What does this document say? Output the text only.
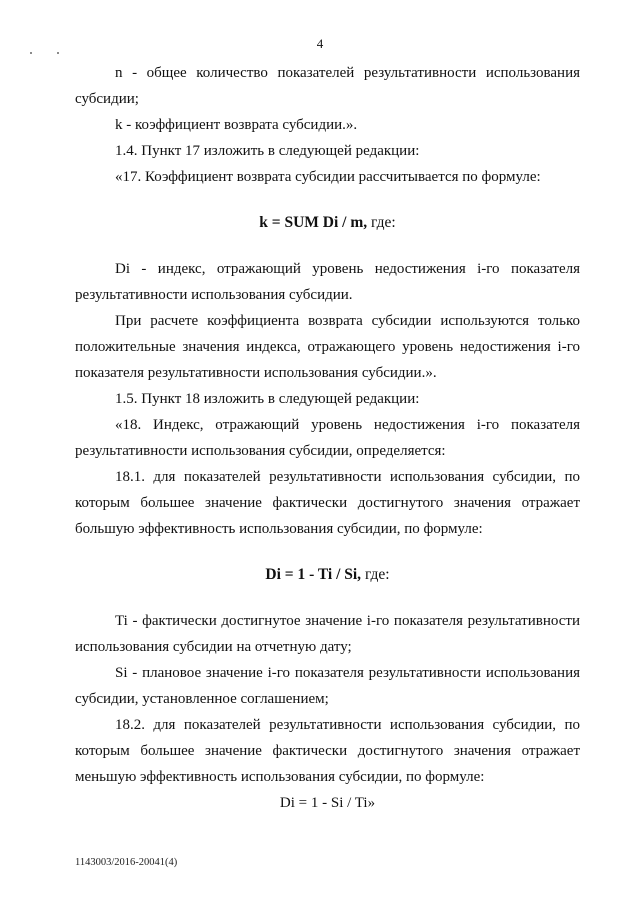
4

n - общее количество показателей результативности использования субсидии;

k - коэффициент возврата субсидии.».

1.4. Пункт 17 изложить в следующей редакции:

«17. Коэффициент возврата субсидии рассчитывается по формуле:

k = SUM Di / m, где:

Di - индекс, отражающий уровень недостижения i-го показателя результативности использования субсидии.

При расчете коэффициента возврата субсидии используются только положительные значения индекса, отражающего уровень недостижения i-го показателя результативности использования субсидии.».

1.5. Пункт 18 изложить в следующей редакции:

«18. Индекс, отражающий уровень недостижения i-го показателя результативности использования субсидии, определяется:

18.1. для показателей результативности использования субсидии, по которым большее значение фактически достигнутого значения отражает большую эффективность использования субсидии, по формуле:

Di = 1 - Ti / Si, где:

Ti - фактически достигнутое значение i-го показателя результативности использования субсидии на отчетную дату;

Si - плановое значение i-го показателя результативности использования субсидии, установленное соглашением;

18.2. для показателей результативности использования субсидии, по которым большее значение фактически достигнутого значения отражает меньшую эффективность использования субсидии, по формуле:

Di = 1 - Si / Ti»

1143003/2016-20041(4)
